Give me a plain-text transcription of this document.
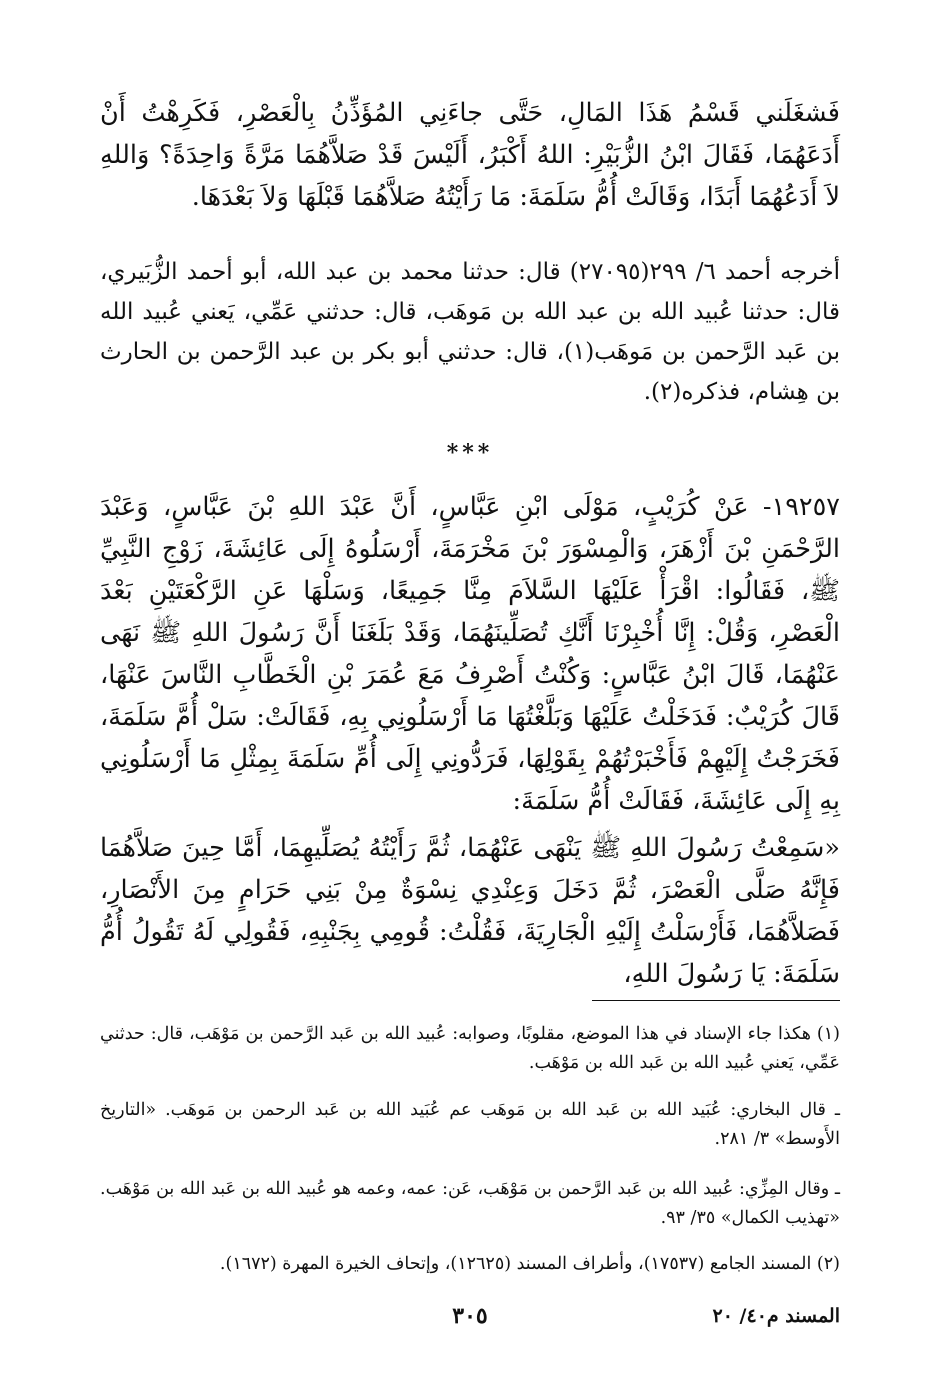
فَشغَلَني قَسْمُ هَذَا المَالِ، حَتَّى جاءَنِي المُؤَذِّنُ بِالْعَصْرِ، فَكَرِهْتُ أَنْ أَدَعَهُمَا، فَقَالَ ابْنُ الزُّبَيْرِ: اللهُ أَكْبَرُ، أَلَيْسَ قَدْ صَلاَّهُمَا مَرَّةً وَاحِدَةً؟ وَاللهِ لاَ أَدَعُهُمَا أَبَدًا، وَقَالَتْ أُمُّ سَلَمَةَ: مَا رَأَيْتُهُ صَلاَّهُمَا قَبْلَهَا وَلاَ بَعْدَهَا.
أخرجه أحمد ٦/ ٢٩٩(٢٧٠٩٥) قال: حدثنا محمد بن عبد الله، أبو أحمد الزُّبَيري، قال: حدثنا عُبيد الله بن عبد الله بن مَوهَب، قال: حدثني عَمِّي، يَعني عُبيد الله بن عَبد الرَّحمن بن مَوهَب(١)، قال: حدثني أبو بكر بن عبد الرَّحمن بن الحارث بن هِشام، فذكره(٢).
***
١٩٢٥٧- عَنْ كُرَيْبٍ، مَوْلَى ابْنِ عَبَّاسٍ، أَنَّ عَبْدَ اللهِ بْنَ عَبَّاسٍ، وَعَبْدَ الرَّحْمَنِ بْنَ أَزْهَرَ، وَالْمِسْوَرَ بْنَ مَخْرَمَةَ، أَرْسَلُوهُ إِلَى عَائِشَةَ، زَوْجِ النَّبِيِّ ﷺ، فَقَالُوا: اقْرَأْ عَلَيْهَا السَّلاَمَ مِنَّا جَمِيعًا، وَسَلْهَا عَنِ الرَّكْعَتَيْنِ بَعْدَ الْعَصْرِ، وَقُلْ: إِنَّا أُخْبِرْنَا أَنَّكِ تُصَلِّينَهُمَا، وَقَدْ بَلَغَنَا أَنَّ رَسُولَ اللهِ ﷺ نَهَى عَنْهُمَا، قَالَ ابْنُ عَبَّاسٍ: وَكُنْتُ أَصْرِفُ مَعَ عُمَرَ بْنِ الْخَطَّابِ النَّاسَ عَنْهَا، قَالَ كُرَيْبٌ: فَدَخَلْتُ عَلَيْهَا وَبَلَّغْتُهَا مَا أَرْسَلُونِي بِهِ، فَقَالَتْ: سَلْ أُمَّ سَلَمَةَ، فَخَرَجْتُ إِلَيْهِمْ فَأَخْبَرْتُهُمْ بِقَوْلِهَا، فَرَدُّونِي إِلَى أُمِّ سَلَمَةَ بِمِثْلِ مَا أَرْسَلُونِي بِهِ إِلَى عَائِشَةَ، فَقَالَتْ أُمُّ سَلَمَةَ:
«سَمِعْتُ رَسُولَ اللهِ ﷺ يَنْهَى عَنْهُمَا، ثُمَّ رَأَيْتُهُ يُصَلِّيهِمَا، أَمَّا حِينَ صَلاَّهُمَا فَإِنَّهُ صَلَّى الْعَصْرَ، ثُمَّ دَخَلَ وَعِنْدِي نِسْوَةٌ مِنْ بَنِي حَرَامٍ مِنَ الأَنْصَارِ، فَصَلاَّهُمَا، فَأَرْسَلْتُ إِلَيْهِ الْجَارِيَةَ، فَقُلْتُ: قُومِي بِجَنْبِهِ، فَقُولِي لَهُ تَقُولُ أُمُّ سَلَمَةَ: يَا رَسُولَ اللهِ،
(١) هكذا جاء الإسناد في هذا الموضع، مقلوبًا، وصوابه: عُبيد الله بن عَبد الرَّحمن بن مَوْهَب، قال: حدثني عَمِّي، يَعني عُبيد الله بن عَبد الله بن مَوْهَب.
ـ قال البخاري: عُبَيد الله بن عَبد الله بن مَوهَب عم عُبَيد الله بن عَبد الرحمن بن مَوهَب. «التاريخ الأَوسط» ٣/ ٢٨١.
ـ وقال المِزِّي: عُبيد الله بن عَبد الرَّحمن بن مَوْهَب، عَن: عمه، وعمه هو عُبيد الله بن عَبد الله بن مَوْهَب. «تهذيب الكمال» ٣٥/ ٩٣.
(٢) المسند الجامع (١٧٥٣٧)، وأطراف المسند (١٢٦٢٥)، وإتحاف الخيرة المهرة (١٦٧٢).
٣٠٥	المسند م٤٠/ ٢٠
